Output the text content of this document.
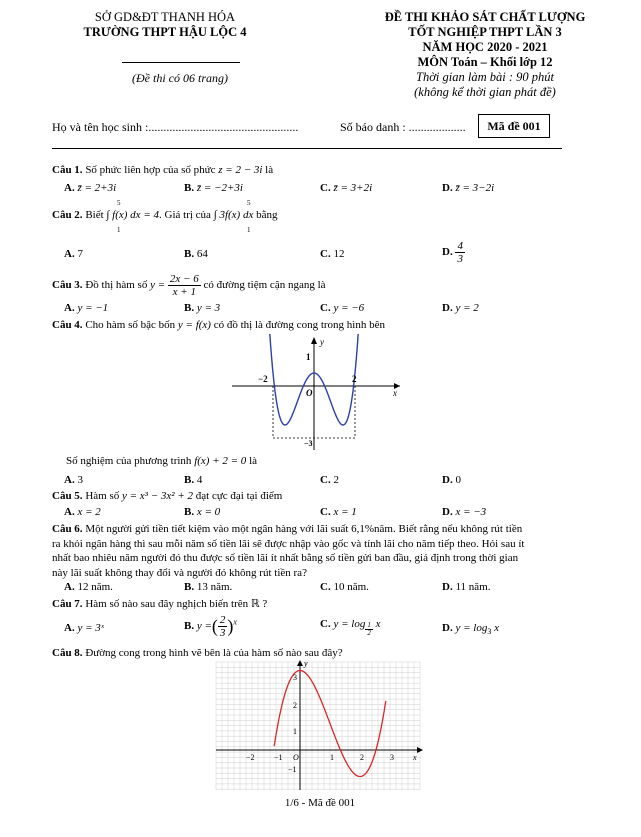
SỞ GD&ĐT THANH HÓA
TRƯỜNG THPT HẬU LỘC 4
(Đề thi có 06 trang)
ĐỀ THI KHẢO SÁT CHẤT LƯỢNG
TỐT NGHIỆP THPT LẦN 3
NĂM HỌC 2020 - 2021
MÔN Toán – Khối lớp 12
Thời gian làm bài : 90 phút
(không kể thời gian phát đề)
Họ và tên học sinh :..................................................	Số báo danh : ...................	Mã đề 001
Câu 1. Số phức liên hợp của số phức z = 2 − 3i là
A. z̄ = 2+3i	B. z̄ = −2+3i	C. z̄ = 3+2i	D. z̄ = 3−2i
Câu 2. Biết ∫ f(x) dx = 4. Giá trị của ∫ 3f(x) dx bằng
5
1
5
1
A. 7	B. 64	C. 12	D. $\frac{4}{3}$
Câu 3. Đồ thị hàm số $y = \frac{2x - 6}{x + 1}$ có đường tiệm cận ngang là
A. y = −1	B. y = 3	C. y = −6	D. y = 2
Câu 4. Cho hàm số bậc bốn y = f(x) có đồ thị là đường cong trong hình bên
−2	2
1
−3
O	x
y
Số nghiệm của phương trình f(x) + 2 = 0 là
A. 3	B. 4	C. 2	D. 0
Câu 5. Hàm số y = x³ − 3x² + 2 đạt cực đại tại điểm
A. x = 2	B. x = 0	C. x = 1	D. x = −3
Câu 6. Một người gửi tiền tiết kiệm vào một ngân hàng với lãi suất 6,1%năm. Biết rằng nếu không rút tiền
ra khỏi ngân hàng thì sau mỗi năm số tiền lãi sẽ được nhập vào gốc và tính lãi cho năm tiếp theo. Hỏi sau ít
nhất bao nhiêu năm người đó thu được số tiền lãi ít nhất bằng số tiền gửi ban đầu, giả định trong thời gian
này lãi suất không thay đổi và người đó không rút tiền ra?
A. 12 năm.	B. 13 năm.	C. 10 năm.	D. 11 năm.
Câu 7. Hàm số nào sau đây nghịch biến trên ℝ ?
A. y = 3ˣ	B. y =( $\frac{2}{3} )^x$	C. $y = \log \frac{1}{2}$ x	D. $y = \log_3 x$
Câu 8. Đường cong trong hình vẽ bên là của hàm số nào sau đây?
−2 −1 O	1	2	3 x
3
2
1
−1
y
1/6 - Mã đề 001
